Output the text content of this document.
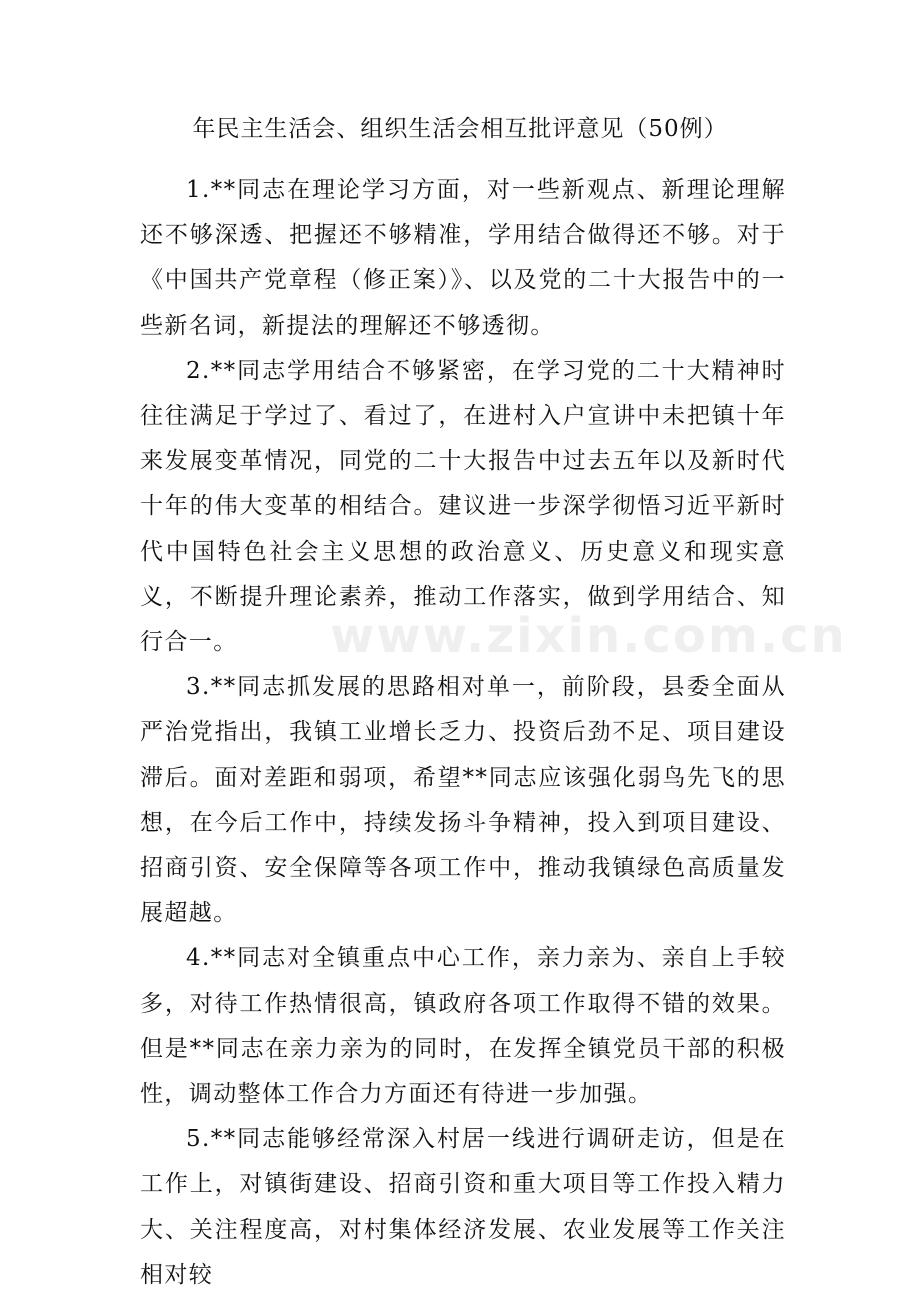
年民主生活会、组织生活会相互批评意见（50例）

1.**同志在理论学习方面，对一些新观点、新理论理解还不够深透、把握还不够精准，学用结合做得还不够。对于《中国共产党章程（修正案）》、以及党的二十大报告中的一些新名词，新提法的理解还不够透彻。

2.**同志学用结合不够紧密，在学习党的二十大精神时往往满足于学过了、看过了，在进村入户宣讲中未把镇十年来发展变革情况，同党的二十大报告中过去五年以及新时代十年的伟大变革的相结合。建议进一步深学彻悟习近平新时代中国特色社会主义思想的政治意义、历史意义和现实意义，不断提升理论素养，推动工作落实，做到学用结合、知行合一。

3.**同志抓发展的思路相对单一，前阶段，县委全面从严治党指出，我镇工业增长乏力、投资后劲不足、项目建设滞后。面对差距和弱项，希望**同志应该强化弱鸟先飞的思想，在今后工作中，持续发扬斗争精神，投入到项目建设、招商引资、安全保障等各项工作中，推动我镇绿色高质量发展超越。

4.**同志对全镇重点中心工作，亲力亲为、亲自上手较多，对待工作热情很高，镇政府各项工作取得不错的效果。但是**同志在亲力亲为的同时，在发挥全镇党员干部的积极性，调动整体工作合力方面还有待进一步加强。

5.**同志能够经常深入村居一线进行调研走访，但是在工作上，对镇街建设、招商引资和重大项目等工作投入精力大、关注程度高，对村集体经济发展、农业发展等工作关注相对较

www.zixin.com.cn
